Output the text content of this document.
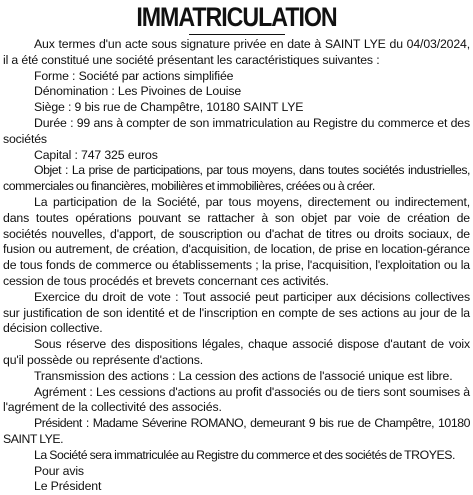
IMMATRICULATION

Aux termes d'un acte sous signature privée en date à SAINT LYE du 04/03/2024, il a été constitué une société présentant les caractéristiques suivantes :

Forme : Société par actions simplifiée

Dénomination : Les Pivoines de Louise

Siège : 9 bis rue de Champêtre, 10180 SAINT LYE

Durée : 99 ans à compter de son immatriculation au Registre du commerce et des sociétés

Capital : 747 325 euros

Objet : La prise de participations, par tous moyens, dans toutes sociétés industrielles, commerciales ou financières, mobilières et immobilières, créées ou à créer.

La participation de la Société, par tous moyens, directement ou indirectement, dans toutes opérations pouvant se rattacher à son objet par voie de création de sociétés nouvelles, d'apport, de souscription ou d'achat de titres ou droits sociaux, de fusion ou autrement, de création, d'acquisition, de location, de prise en location-gérance de tous fonds de commerce ou établissements ; la prise, l'acquisition, l'exploitation ou la cession de tous procédés et brevets concernant ces activités.

Exercice du droit de vote : Tout associé peut participer aux décisions collectives sur justification de son identité et de l'inscription en compte de ses actions au jour de la décision collective.

Sous réserve des dispositions légales, chaque associé dispose d'autant de voix qu'il possède ou représente d'actions.

Transmission des actions : La cession des actions de l'associé unique est libre.

Agrément : Les cessions d'actions au profit d'associés ou de tiers sont soumises à l'agrément de la collectivité des associés.

Président : Madame Séverine ROMANO, demeurant 9 bis rue de Champêtre, 10180 SAINT LYE.

La Société sera immatriculée au Registre du commerce et des sociétés de TROYES.

Pour avis

Le Président
